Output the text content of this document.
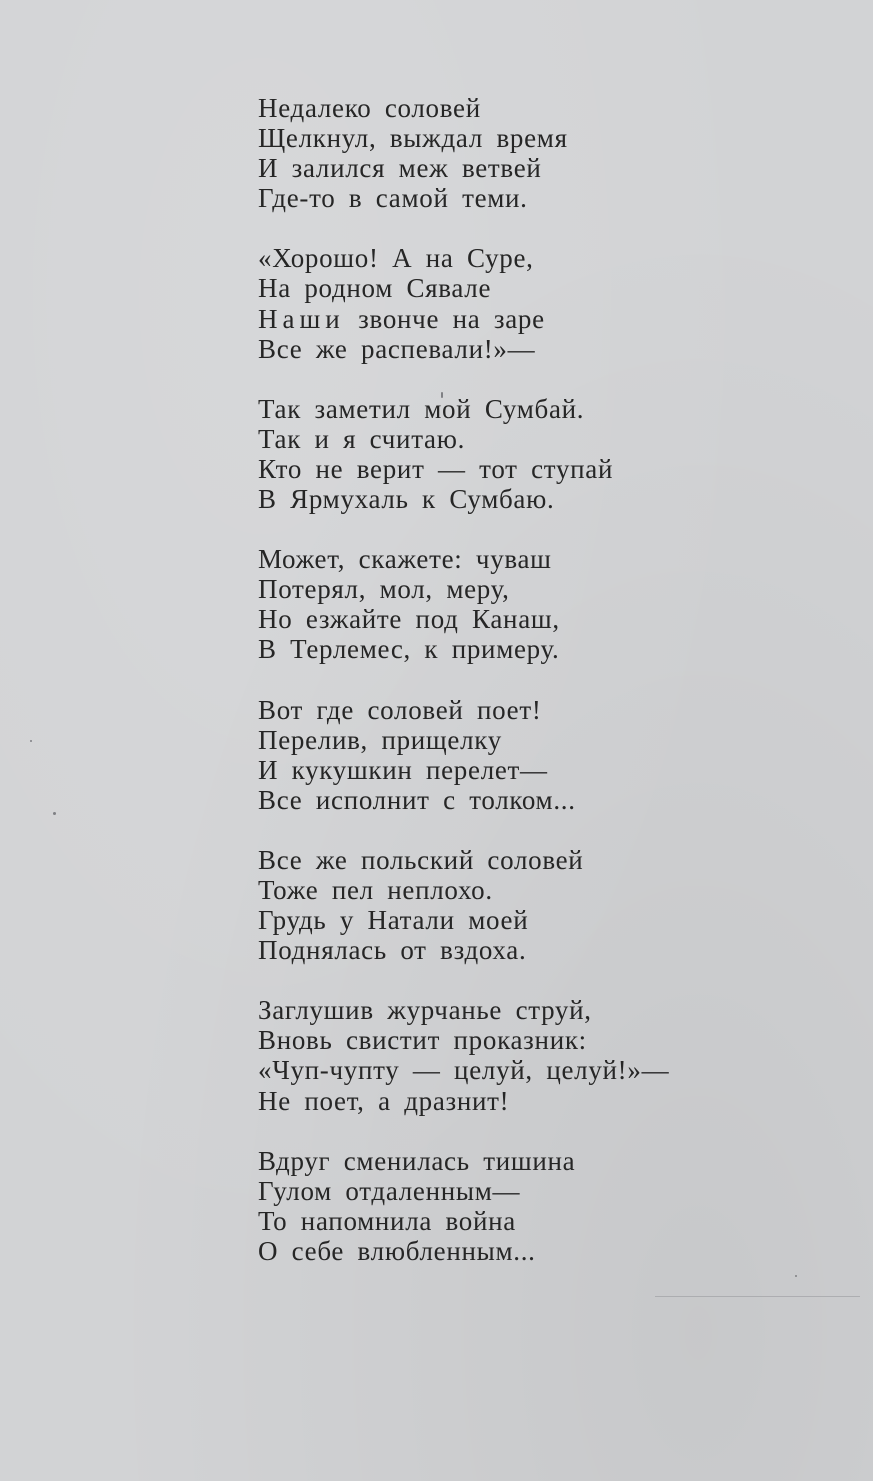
Недалеко соловей
Щелкнул, выждал время
И залился меж ветвей
Где-то в самой теми.
«Хорошо! А на Суре,
На родном Сявале
Наши звонче на заре
Все же распевали!»—
Так заметил мой Сумбай.
Так и я считаю.
Кто не верит — тот ступай
В Ярмухаль к Сумбаю.
Может, скажете: чуваш
Потерял, мол, меру,
Но езжайте под Канаш,
В Терлемес, к примеру.
Вот где соловей поет!
Перелив, прищелку
И кукушкин перелет—
Все исполнит с толком...
Все же польский соловей
Тоже пел неплохо.
Грудь у Натали моей
Поднялась от вздоха.
Заглушив журчанье струй,
Вновь свистит проказник:
«Чуп-чупту — целуй, целуй!»—
Не поет, а дразнит!
Вдруг сменилась тишина
Гулом отдаленным—
То напомнила война
О себе влюбленным...
